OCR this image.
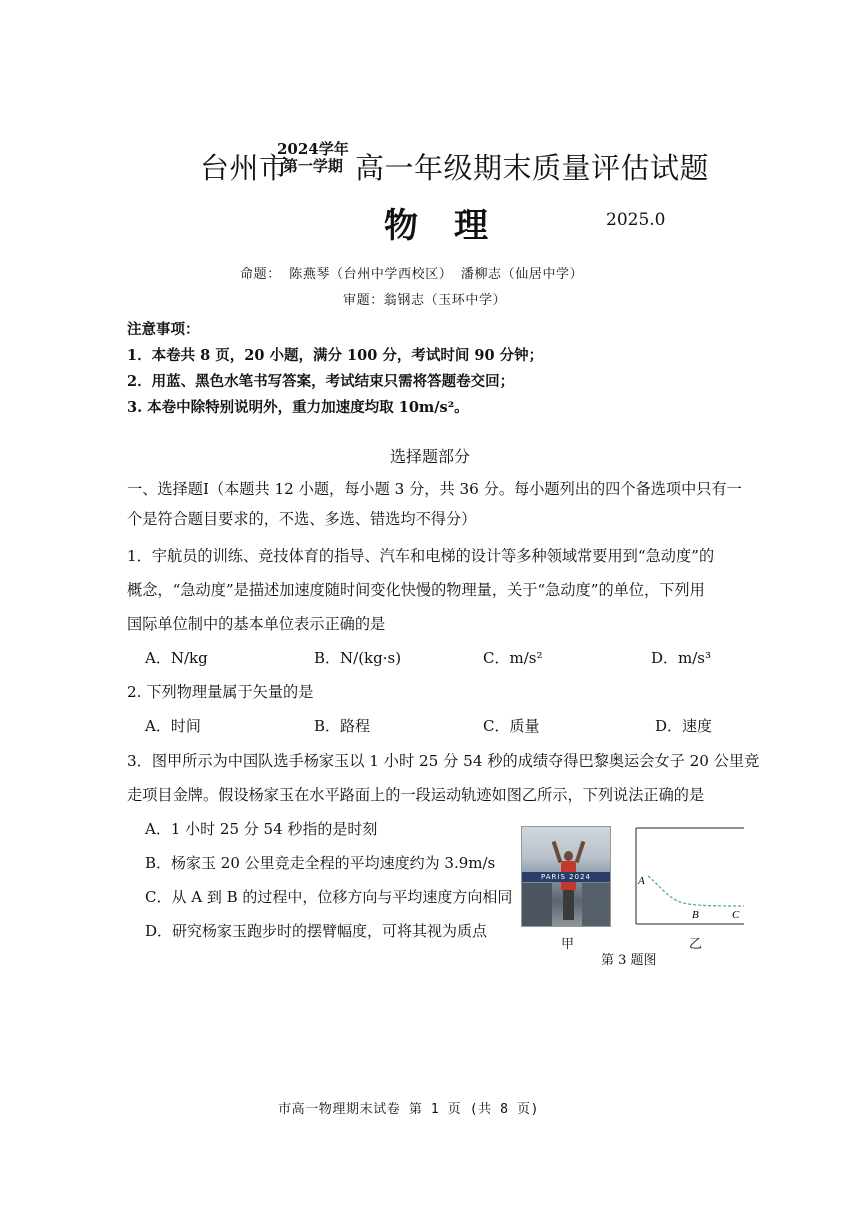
台州市
2024学年
第一学期 高一年级期末质量评估试题
物理	2025.0
命题： 陈燕琴（台州中学西校区） 潘柳志（仙居中学）
审题：翁钢志（玉环中学）
注意事项：
1．本卷共 8 页，20 小题，满分 100 分，考试时间 90 分钟；
2．用蓝、黑色水笔书写答案，考试结束只需将答题卷交回；
3. 本卷中除特别说明外，重力加速度均取 10m/s²。
选择题部分
一、选择题Ⅰ（本题共 12 小题，每小题 3 分，共 36 分。每小题列出的四个备选项中只有一
个是符合题目要求的，不选、多选、错选均不得分）
1．宇航员的训练、竞技体育的指导、汽车和电梯的设计等多种领域常要用到“急动度”的
概念，“急动度”是描述加速度随时间变化快慢的物理量，关于“急动度”的单位，下列用
国际单位制中的基本单位表示正确的是
A．N/kg	B．N/(kg·s)	C．m/s²	D．m/s³
2. 下列物理量属于矢量的是
A．时间	B．路程	C．质量	D．速度
3．图甲所示为中国队选手杨家玉以 1 小时 25 分 54 秒的成绩夺得巴黎奥运会女子 20 公里竞
走项目金牌。假设杨家玉在水平路面上的一段运动轨迹如图乙所示，下列说法正确的是
A．1 小时 25 分 54 秒指的是时刻
B．杨家玉 20 公里竞走全程的平均速度约为 3.9m/s
C．从 A 到 B 的过程中，位移方向与平均速度方向相同
D．研究杨家玉跑步时的摆臂幅度，可将其视为质点
PARIS 2024	A
B	C
甲	乙
第 3 题图
市高一物理期末试卷 第 1 页 (共 8 页)
